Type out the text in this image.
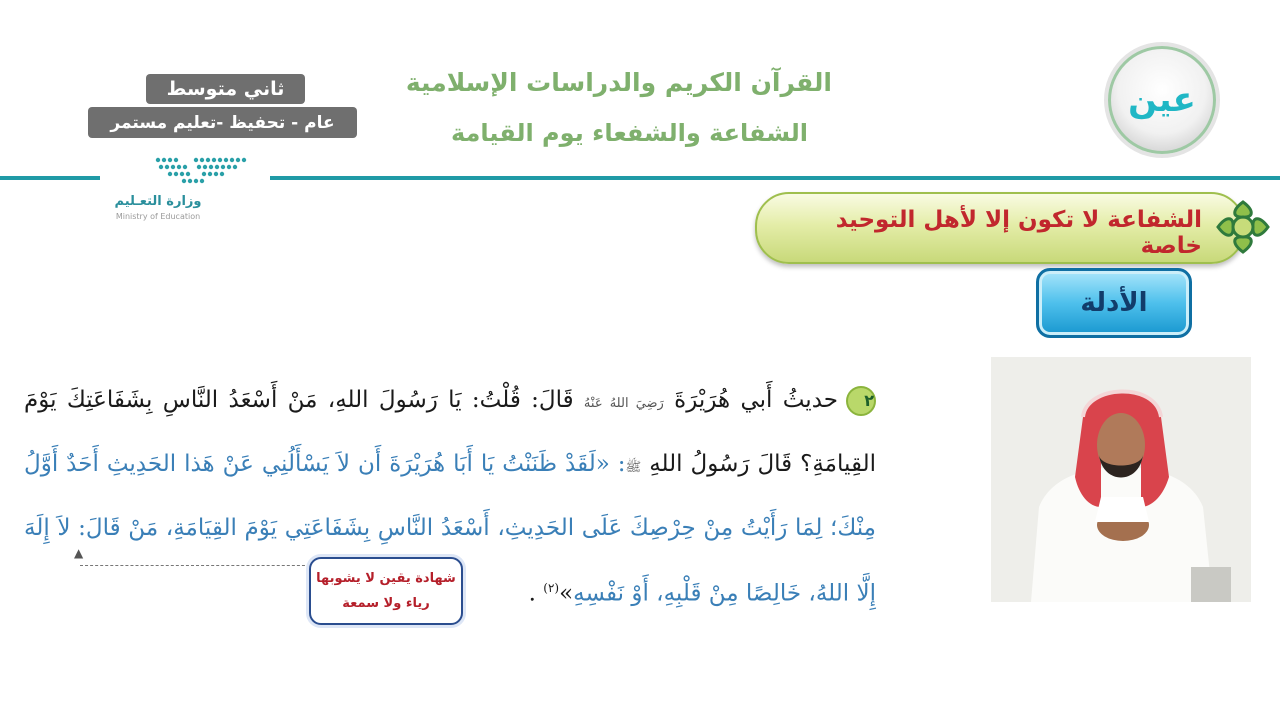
ثاني متوسط
عام - تحفيظ -تعليم مستمر
القرآن الكريم والدراسات الإسلامية
الشفاعة والشفعاء يوم القيامة
وزارة التعـليم
Ministry of Education
عين
الشفاعة لا تكون إلا لأهل التوحيد خاصة
الأدلة
٢حديثُ أَبي هُرَيْرَةَ رَضِيَ اللهُ عَنْهُ قَالَ: قُلْتُ: يَا رَسُولَ اللهِ، مَنْ أَسْعَدُ النَّاسِ بِشَفَاعَتِكَ يَوْمَ القِيامَةِ؟ قَالَ رَسُولُ اللهِ ﷺ: «لَقَدْ ظَنَنْتُ يَا أَبَا هُرَيْرَةَ أَن لاَ يَسْأَلُنِي عَنْ هَذا الحَدِيثِ أَحَدٌ أَوَّلُ مِنْكَ؛ لِمَا رَأَيْتُ مِنْ حِرْصِكَ عَلَى الحَدِيثِ، أَسْعَدُ النَّاسِ بِشَفَاعَتِي يَوْمَ القِيَامَةِ، مَنْ قَالَ: لاَ إِلَهَ إِلَّا اللهُ، خَالِصًا مِنْ قَلْبِهِ، أَوْ نَفْسِهِ»$^{(٢)}$ .
▲
شهادة يقين لا يشوبها
رياء ولا سمعة
